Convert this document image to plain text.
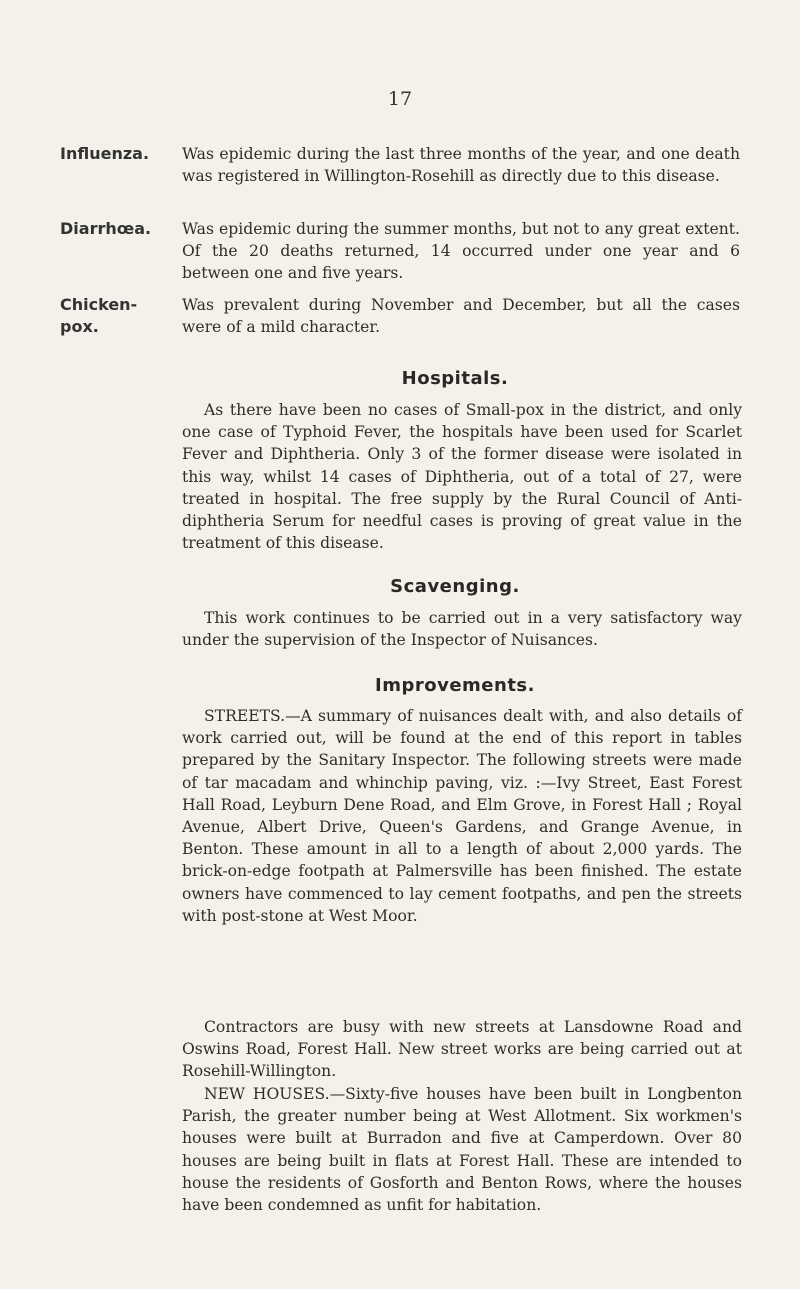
17
Influenza. Was epidemic during the last three months of the year, and one death was registered in Willington-Rosehill as directly due to this disease.
Diarrhœa. Was epidemic during the summer months, but not to any great extent. Of the 20 deaths returned, 14 occurred under one year and 6 between one and five years.
Chicken-
pox.
Was prevalent during November and December, but all the cases were of a mild character.
Hospitals.

As there have been no cases of Small-pox in the district, and only one case of Typhoid Fever, the hospitals have been used for Scarlet Fever and Diphtheria. Only 3 of the former disease were isolated in this way, whilst 14 cases of Diphtheria, out of a total of 27, were treated in hospital. The free supply by the Rural Council of Anti-diphtheria Serum for needful cases is proving of great value in the treatment of this disease.

Scavenging.

This work continues to be carried out in a very satisfactory way under the supervision of the Inspector of Nuisances.

Improvements.

STREETS.—A summary of nuisances dealt with, and also details of work carried out, will be found at the end of this report in tables prepared by the Sanitary Inspector. The following streets were made of tar macadam and whinchip paving, viz. :—Ivy Street, East Forest Hall Road, Leyburn Dene Road, and Elm Grove, in Forest Hall ; Royal Avenue, Albert Drive, Queen's Gardens, and Grange Avenue, in Benton. These amount in all to a length of about 2,000 yards. The brick-on-edge footpath at Palmersville has been finished. The estate owners have commenced to lay cement footpaths, and pen the streets with post-stone at West Moor.

Contractors are busy with new streets at Lansdowne Road and Oswins Road, Forest Hall. New street works are being carried out at Rosehill-Willington.

NEW HOUSES.—Sixty-five houses have been built in Longbenton Parish, the greater number being at West Allotment. Six workmen's houses were built at Burradon and five at Camperdown. Over 80 houses are being built in flats at Forest Hall. These are intended to house the residents of Gosforth and Benton Rows, where the houses have been condemned as unfit for habitation.
